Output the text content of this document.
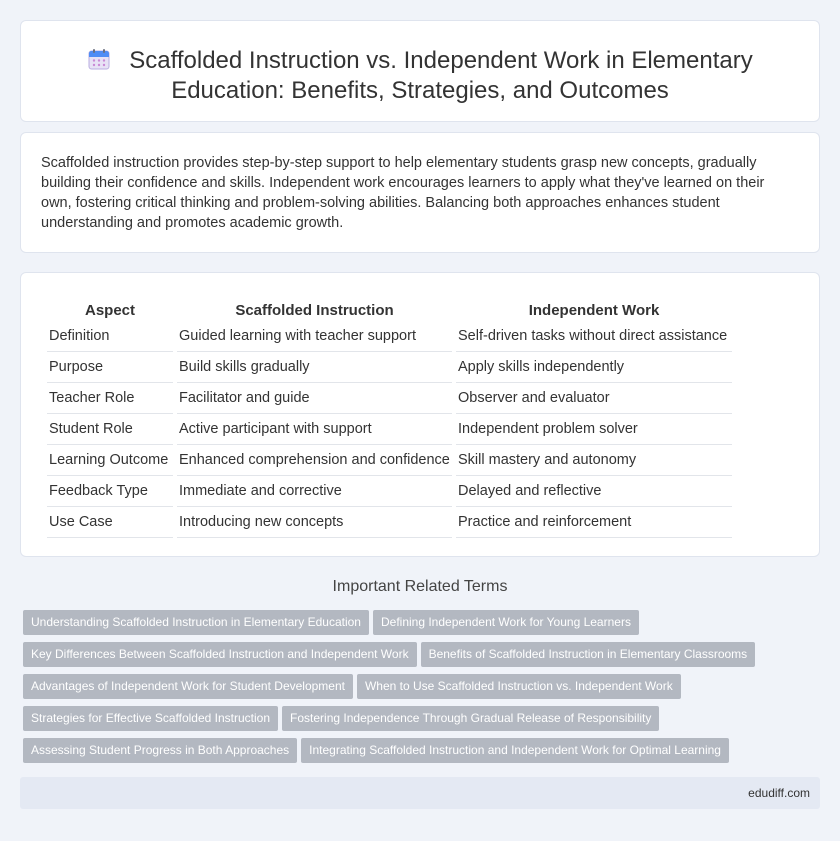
Scaffolded Instruction vs. Independent Work in Elementary
Education: Benefits, Strategies, and Outcomes

Scaffolded instruction provides step-by-step support to help elementary students grasp new concepts, gradually building their confidence and skills. Independent work encourages learners to apply what they've learned on their own, fostering critical thinking and problem-solving abilities. Balancing both approaches enhances student understanding and promotes academic growth.

Aspect	Scaffolded Instruction	Independent Work
Definition	Guided learning with teacher support	Self-driven tasks without direct assistance
Purpose	Build skills gradually	Apply skills independently
Teacher Role	Facilitator and guide	Observer and evaluator
Student Role	Active participant with support	Independent problem solver
Learning Outcome	Enhanced comprehension and confidence	Skill mastery and autonomy
Feedback Type	Immediate and corrective	Delayed and reflective
Use Case	Introducing new concepts	Practice and reinforcement
Important Related Terms
Understanding Scaffolded Instruction in Elementary Education Defining Independent Work for Young Learners
Key Differences Between Scaffolded Instruction and Independent Work Benefits of Scaffolded Instruction in Elementary Classrooms
Advantages of Independent Work for Student Development When to Use Scaffolded Instruction vs. Independent Work
Strategies for Effective Scaffolded Instruction Fostering Independence Through Gradual Release of Responsibility
Assessing Student Progress in Both Approaches Integrating Scaffolded Instruction and Independent Work for Optimal Learning
edudiff.com
